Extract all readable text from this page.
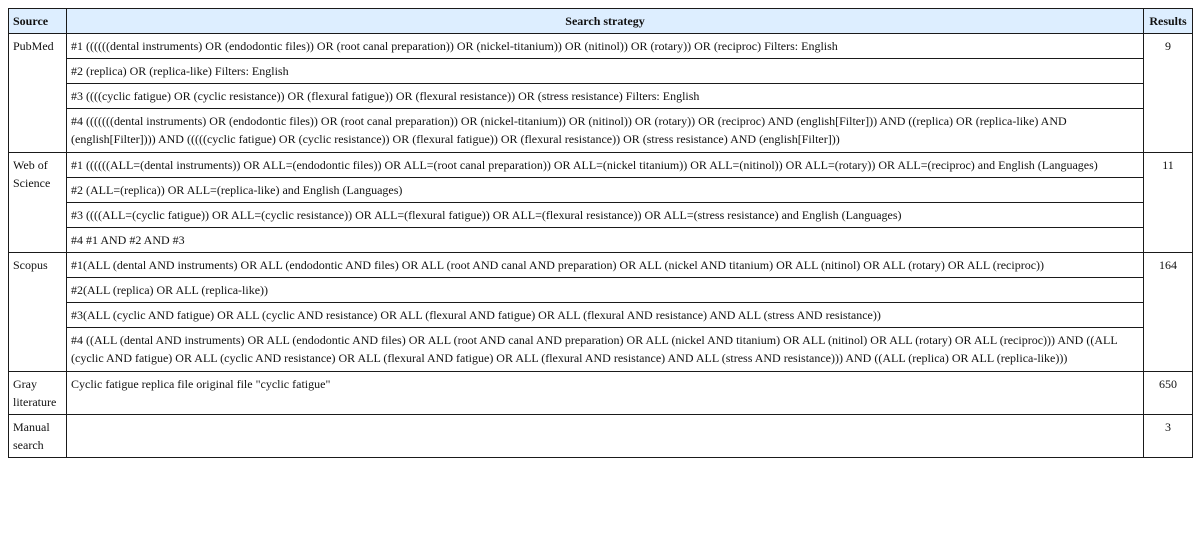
Source	Search strategy	Results
PubMed	#1 ((((((dental instruments) OR (endodontic files)) OR (root canal preparation)) OR (nickel-titanium)) OR (nitinol)) OR (rotary)) OR (reciproc) Filters: English	9
	#2 (replica) OR (replica-like) Filters: English	
	#3 ((((cyclic fatigue) OR (cyclic resistance)) OR (flexural fatigue)) OR (flexural resistance)) OR (stress resistance) Filters: English	
	#4 (((((((dental instruments) OR (endodontic files)) OR (root canal preparation)) OR (nickel-titanium)) OR (nitinol)) OR (rotary)) OR (reciproc) AND (english[Filter])) AND ((replica) OR (replica-like) AND (english[Filter]))) AND (((((cyclic fatigue) OR (cyclic resistance)) OR (flexural fatigue)) OR (flexural resistance)) OR (stress resistance) AND (english[Filter]))	
Web of Science	#1 ((((((ALL=(dental instruments)) OR ALL=(endodontic files)) OR ALL=(root canal preparation)) OR ALL=(nickel titanium)) OR ALL=(nitinol)) OR ALL=(rotary)) OR ALL=(reciproc) and English (Languages)	11
	#2 (ALL=(replica)) OR ALL=(replica-like) and English (Languages)	
	#3 ((((ALL=(cyclic fatigue)) OR ALL=(cyclic resistance)) OR ALL=(flexural fatigue)) OR ALL=(flexural resistance)) OR ALL=(stress resistance) and English (Languages)	
	#4 #1 AND #2 AND #3	
Scopus	#1(ALL (dental AND instruments) OR ALL (endodontic AND files) OR ALL (root AND canal AND preparation) OR ALL (nickel AND titanium) OR ALL (nitinol) OR ALL (rotary) OR ALL (reciproc))	164
	#2(ALL (replica) OR ALL (replica-like))	
	#3(ALL (cyclic AND fatigue) OR ALL (cyclic AND resistance) OR ALL (flexural AND fatigue) OR ALL (flexural AND resistance) AND ALL (stress AND resistance))	
	#4 ((ALL (dental AND instruments) OR ALL (endodontic AND files) OR ALL (root AND canal AND preparation) OR ALL (nickel AND titanium) OR ALL (nitinol) OR ALL (rotary) OR ALL (reciproc))) AND ((ALL (cyclic AND fatigue) OR ALL (cyclic AND resistance) OR ALL (flexural AND fatigue) OR ALL (flexural AND resistance) AND ALL (stress AND resistance))) AND ((ALL (replica) OR ALL (replica-like)))	
Gray literature	Cyclic fatigue replica file original file "cyclic fatigue"	650
Manual search		3
